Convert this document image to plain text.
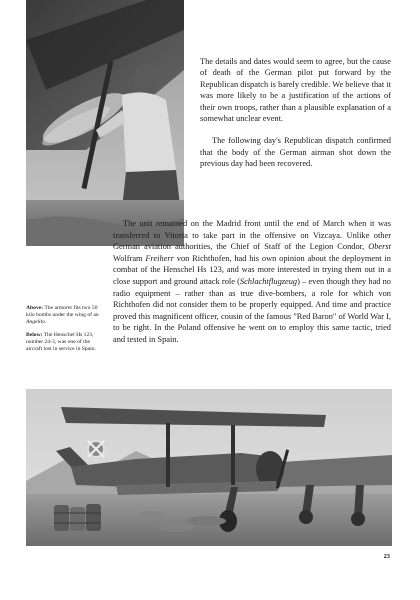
The details and dates would seem to agree, but the cause of death of the German pilot put forward by the Republican dispatch is barely credible. We believe that it was more likely to be a justification of the actions of their own troops, rather than a plausible explanation of a somewhat unclear event.

The following day's Republican dispatch confirmed that the body of the German airman shot down the previous day had been recovered.

The unit remained on the Madrid front until the end of March when it was transferred to Vitoria to take part in the offensive on Vizcaya. Unlike other German aviation authorities, the Chief of Staff of the Legion Condor, Oberst Wolfram Freiherr von Richthofen, had his own opinion about the deployment in combat of the Henschel Hs 123, and was more interested in trying them out in a close support and ground attack role (Schlachtflugzeug) – even though they had no radio equipment – rather than as true dive-bombers, a role for which von Richthofen did not consider them to be properly equipped. And time and practice proved this magnificent officer, cousin of the famous "Red Baron" of World War I, to be right. In the Poland offensive he went on to employ this same tactic, tried and tested in Spain.

Above: The armorer fits two 50 kilo bombs under the wing of an Angelito.

Below: The Henschel Hs 123, number 24-3, was one of the aircraft lost in service in Spain.

23
